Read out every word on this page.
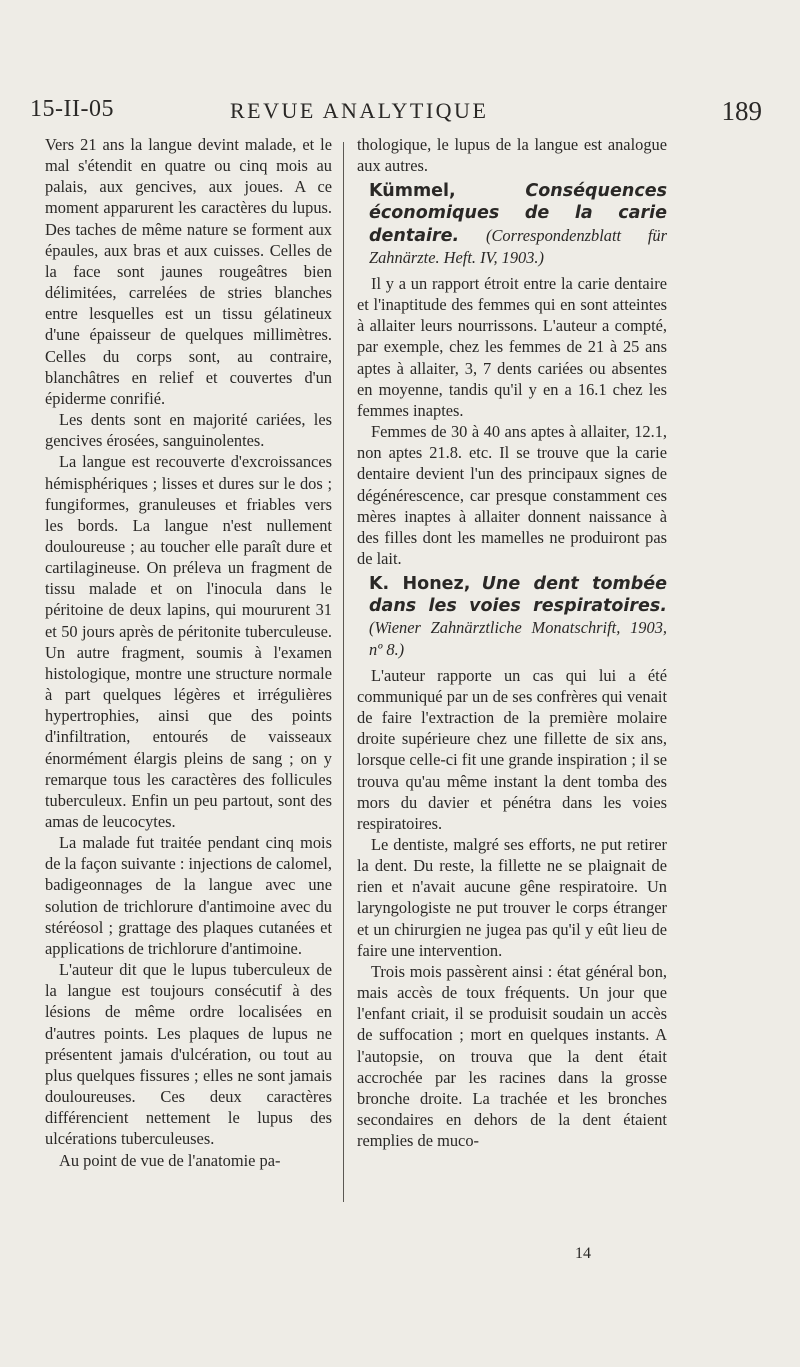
15-II-05	REVUE ANALYTIQUE	189

Vers 21 ans la langue devint malade, et le mal s'étendit en quatre ou cinq mois au palais, aux gencives, aux joues. A ce moment apparurent les caractères du lupus. Des taches de même nature se forment aux épaules, aux bras et aux cuisses. Celles de la face sont jaunes rougeâtres bien délimitées, carrelées de stries blanches entre lesquelles est un tissu gélatineux d'une épaisseur de quelques millimètres. Celles du corps sont, au contraire, blanchâtres en relief et couvertes d'un épiderme conrifié.

Les dents sont en majorité cariées, les gencives érosées, sanguinolentes.

La langue est recouverte d'excroissances hémisphériques ; lisses et dures sur le dos ; fungiformes, granuleuses et friables vers les bords. La langue n'est nullement douloureuse ; au toucher elle paraît dure et cartilagineuse. On préleva un fragment de tissu malade et on l'inocula dans le péritoine de deux lapins, qui moururent 31 et 50 jours après de péritonite tuberculeuse. Un autre fragment, soumis à l'examen histologique, montre une structure normale à part quelques légères et irrégulières hypertrophies, ainsi que des points d'infiltration, entourés de vaisseaux énormément élargis pleins de sang ; on y remarque tous les caractères des follicules tuberculeux. Enfin un peu partout, sont des amas de leucocytes.

La malade fut traitée pendant cinq mois de la façon suivante : injections de calomel, badigeonnages de la langue avec une solution de trichlorure d'antimoine avec du stéréosol ; grattage des plaques cutanées et applications de trichlorure d'antimoine.

L'auteur dit que le lupus tuberculeux de la langue est toujours consécutif à des lésions de même ordre localisées en d'autres points. Les plaques de lupus ne présentent jamais d'ulcération, ou tout au plus quelques fissures ; elles ne sont jamais douloureuses. Ces deux caractères différencient nettement le lupus des ulcérations tuberculeuses.

Au point de vue de l'anatomie pa-

thologique, le lupus de la langue est analogue aux autres.

Kümmel,	Conséquences économiques de la carie dentaire. (Correspondenzblatt für Zahnärzte. Heft. IV, 1903.)

Il y a un rapport étroit entre la carie dentaire et l'inaptitude des femmes qui en sont atteintes à allaiter leurs nourrissons. L'auteur a compté, par exemple, chez les femmes de 21 à 25 ans aptes à allaiter, 3, 7 dents cariées ou absentes en moyenne, tandis qu'il y en a 16.1 chez les femmes inaptes.

Femmes de 30 à 40 ans aptes à allaiter, 12.1, non aptes 21.8. etc. Il se trouve que la carie dentaire devient l'un des principaux signes de dégénérescence, car presque constamment ces mères inaptes à allaiter donnent naissance à des filles dont les mamelles ne produiront pas de lait.

K. Honez, Une dent tombée dans les voies respiratoires. (Wiener Zahnärztliche Monatschrift, 1903, nº 8.)

L'auteur rapporte un cas qui lui a été communiqué par un de ses confrères qui venait de faire l'extraction de la première molaire droite supérieure chez une fillette de six ans, lorsque celle-ci fit une grande inspiration ; il se trouva qu'au même instant la dent tomba des mors du davier et pénétra dans les voies respiratoires.

Le dentiste, malgré ses efforts, ne put retirer la dent. Du reste, la fillette ne se plaignait de rien et n'avait aucune gêne respiratoire. Un laryngologiste ne put trouver le corps étranger et un chirurgien ne jugea pas qu'il y eût lieu de faire une intervention.

Trois mois passèrent ainsi : état général bon, mais accès de toux fréquents. Un jour que l'enfant criait, il se produisit soudain un accès de suffocation ; mort en quelques instants. A l'autopsie, on trouva que la dent était accrochée par les racines dans la grosse bronche droite. La trachée et les bronches secondaires en dehors de la dent étaient remplies de muco-

14
